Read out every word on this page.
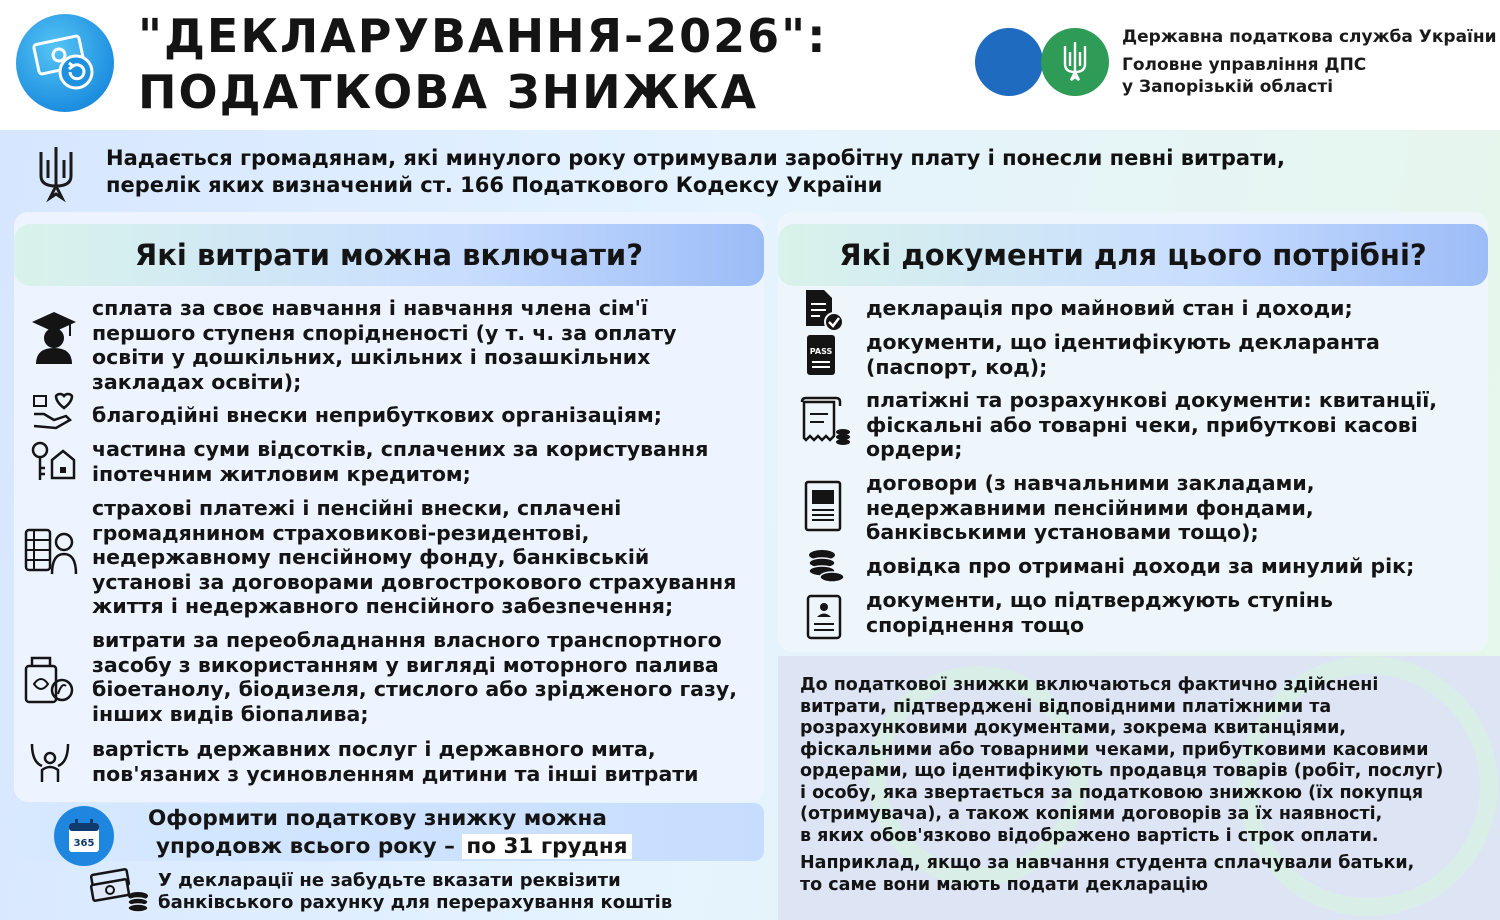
"ДЕКЛАРУВАННЯ-2026":
ПОДАТКОВА ЗНИЖКА
Державна податкова служба України
Головне управління ДПС
у Запорізькій області
Надається громадянам, які минулого року отримували заробітну плату і понесли певні витрати,
перелік яких визначений ст. 166 Податкового Кодексу України
Які витрати можна включати?
сплата за своє навчання і навчання члена сім'ї
першого ступеня спорідненості (у т. ч. за оплату
освіти у дошкільних, шкільних і позашкільних
закладах освіти);
благодійні внески неприбуткових організаціям;
частина суми відсотків, сплачених за користування
іпотечним житловим кредитом;
страхові платежі і пенсійні внески, сплачені
громадянином страховикові-резидентові,
недержавному пенсійному фонду, банківській
установі за договорами довгострокового страхування
життя і недержавного пенсійного забезпечення;
витрати за переобладнання власного транспортного
засобу з використанням у вигляді моторного палива
біоетанолу, біодизеля, стислого або зрідженого газу,
інших видів біопалива;
вартість державних послуг і державного мита,
пов'язаних з усиновленням дитини та інші витрати
Які документи для цього потрібні?
декларація про майновий стан і доходи;
PASS документи, що ідентифікують декларанта
(паспорт, код);
платіжні та розрахункові документи: квитанції,
фіскальні або товарні чеки, прибуткові касові
ордери;
договори (з навчальними закладами,
недержавними пенсійними фондами,
банківськими установами тощо);
довідка про отримані доходи за минулий рік;
документи, що підтверджують ступінь
споріднення тощо
365
Оформити податкову знижку можна
упродовж всього року – по 31 грудня
У декларації не забудьте вказати реквізити
банківського рахунку для перерахування коштів
До податкової знижки включаються фактично здійснені
витрати, підтверджені відповідними платіжними та
розрахунковими документами, зокрема квитанціями,
фіскальними або товарними чеками, прибутковими касовими
ордерами, що ідентифікують продавця товарів (робіт, послуг)
і особу, яка звертається за податковою знижкою (їх покупця
(отримувача), а також копіями договорів за їх наявності,
в яких обов'язково відображено вартість і строк оплати.
Наприклад, якщо за навчання студента сплачували батьки,
то саме вони мають подати декларацію
